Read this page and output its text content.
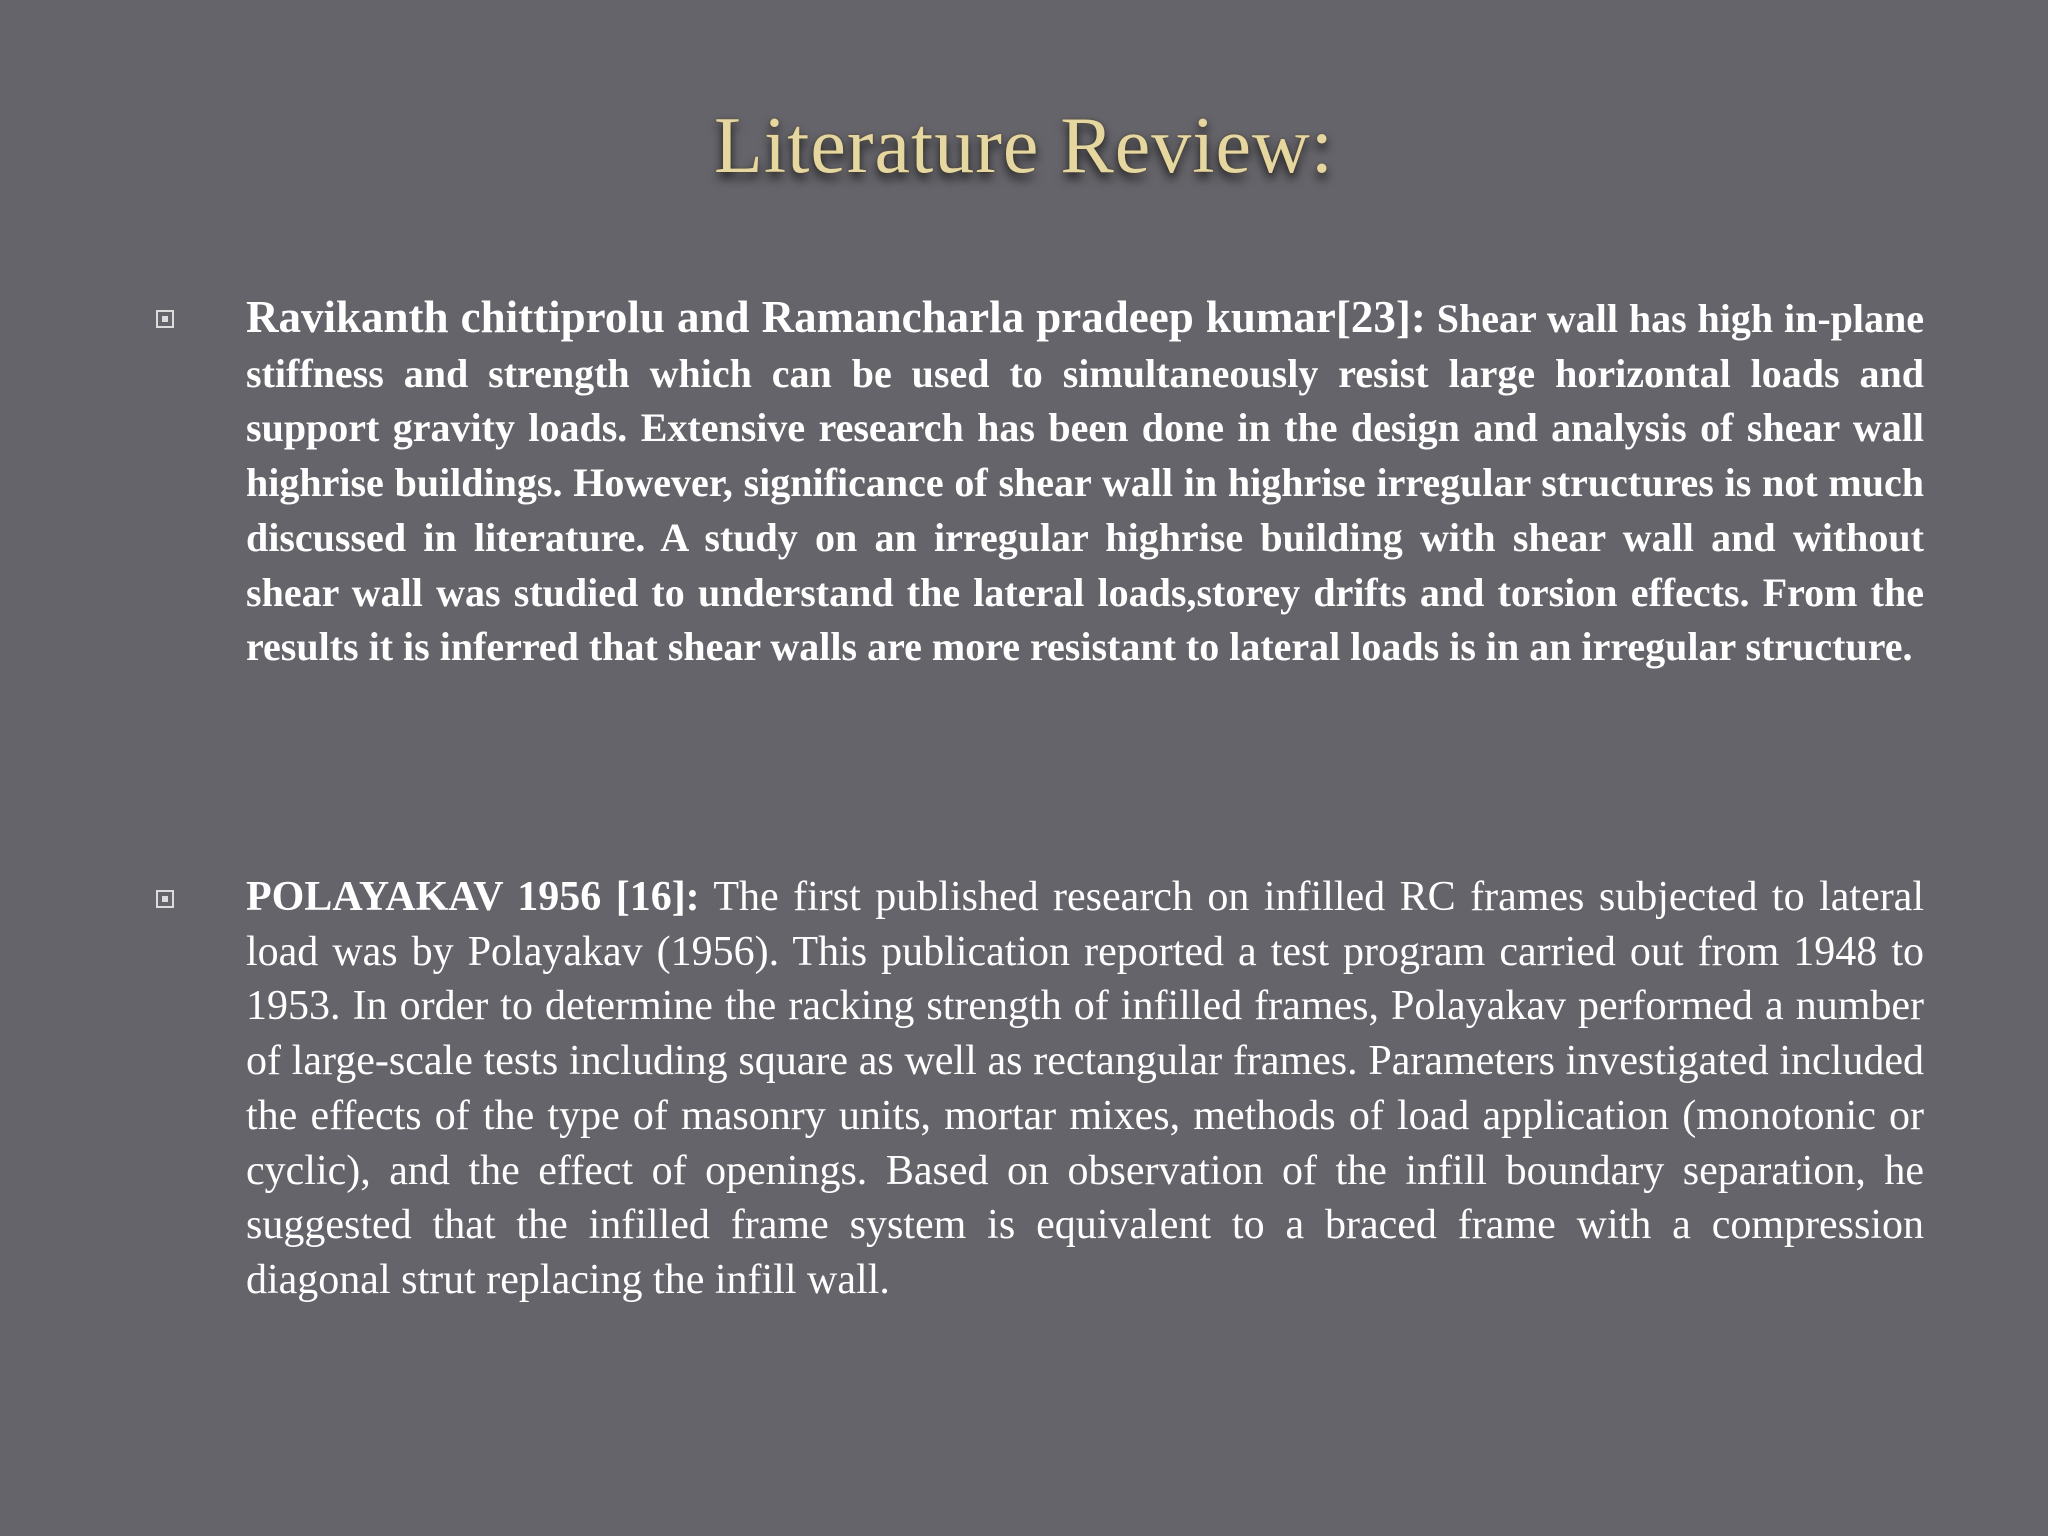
Literature Review:

Ravikanth chittiprolu and Ramancharla pradeep kumar[23]: Shear wall has high in-plane stiffness and strength which can be used to simultaneously resist large horizontal loads and support gravity loads. Extensive research has been done in the design and analysis of shear wall highrise buildings. However, significance of shear wall in highrise irregular structures is not much discussed in literature. A study on an irregular highrise building with shear wall and without shear wall was studied to understand the lateral loads,storey drifts and torsion effects. From the results it is inferred that shear walls are more resistant to lateral loads is in an irregular structure.

POLAYAKAV 1956 [16]: The first published research on infilled RC frames subjected to lateral load was by Polayakav (1956). This publication reported a test program carried out from 1948 to 1953. In order to determine the racking strength of infilled frames, Polayakav performed a number of large-scale tests including square as well as rectangular frames. Parameters investigated included the effects of the type of masonry units, mortar mixes, methods of load application (monotonic or cyclic), and the effect of openings. Based on observation of the infill boundary separation, he suggested that the infilled frame system is equivalent to a braced frame with a compression diagonal strut replacing the infill wall.
